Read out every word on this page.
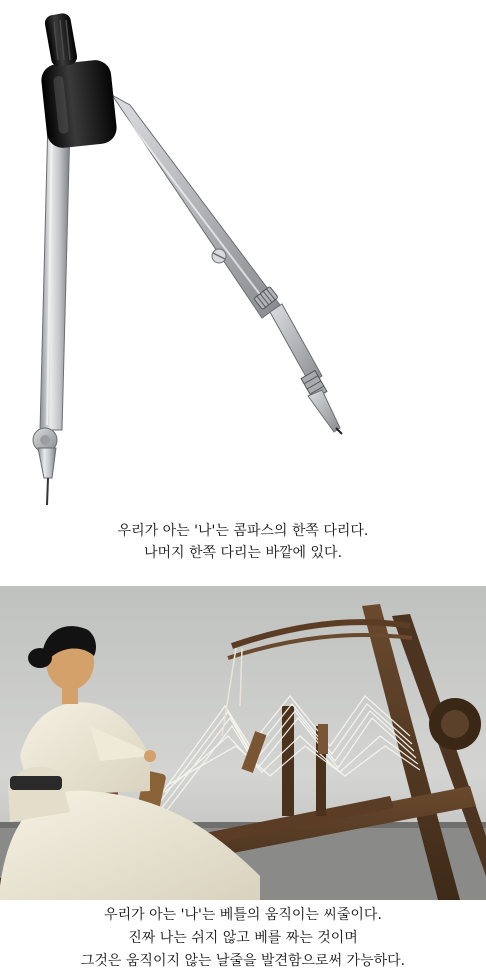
우리가 아는 '나'는 콤파스의 한쪽 다리다.

나머지 한쪽 다리는 바깥에 있다.

우리가 아는 '나'는 베틀의 움직이는 씨줄이다.

진짜 나는 쉬지 않고 베를 짜는 것이며

그것은 움직이지 않는 날줄을 발견함으로써 가능하다.
